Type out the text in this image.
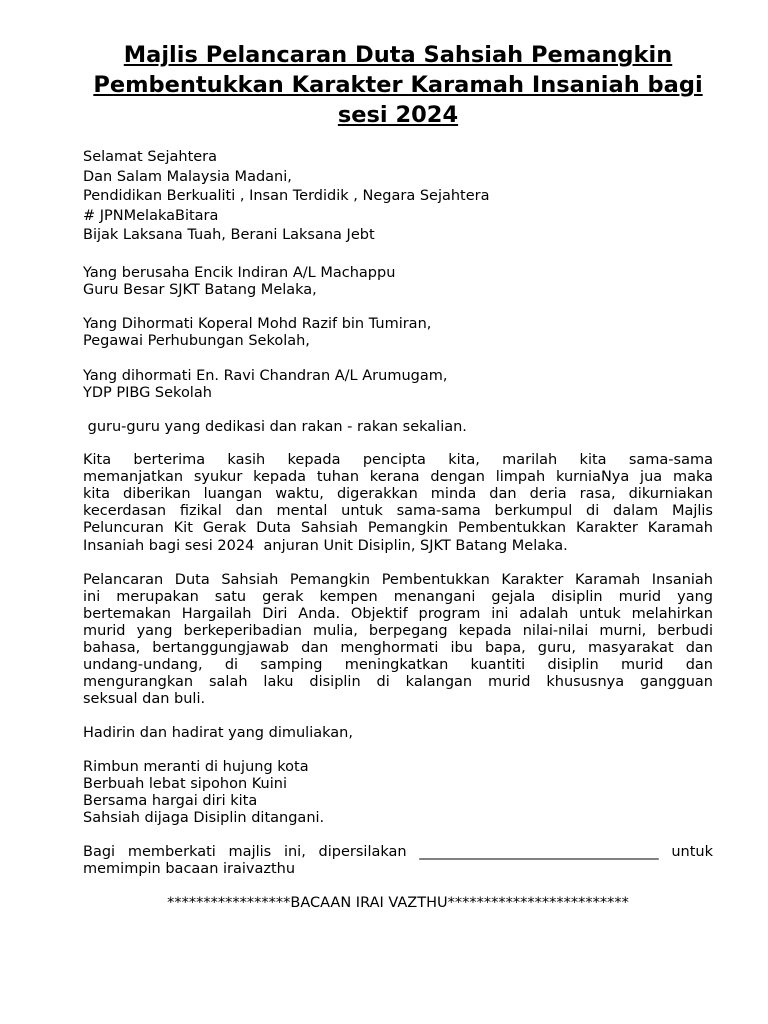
Majlis Pelancaran Duta Sahsiah Pemangkin
Pembentukkan Karakter Karamah Insaniah bagi
sesi 2024
Selamat Sejahtera
Dan Salam Malaysia Madani,
Pendidikan Berkualiti , Insan Terdidik , Negara Sejahtera
# JPNMelakaBitara
Bijak Laksana Tuah, Berani Laksana Jebt
Yang berusaha Encik Indiran A/L Machappu
Guru Besar SJKT Batang Melaka,
Yang Dihormati Koperal Mohd Razif bin Tumiran,
Pegawai Perhubungan Sekolah,
Yang dihormati En. Ravi Chandran A/L Arumugam,
YDP PIBG Sekolah
guru-guru yang dedikasi dan rakan - rakan sekalian.
Kita berterima kasih kepada pencipta kita, marilah kita sama-sama
memanjatkan syukur kepada tuhan kerana dengan limpah kurniaNya jua maka
kita diberikan luangan waktu, digerakkan minda dan deria rasa, dikurniakan
kecerdasan fizikal dan mental untuk sama-sama berkumpul di dalam Majlis
Peluncuran Kit Gerak Duta Sahsiah Pemangkin Pembentukkan Karakter Karamah
Insaniah bagi sesi 2024  anjuran Unit Disiplin, SJKT Batang Melaka.
Pelancaran Duta Sahsiah Pemangkin Pembentukkan Karakter Karamah Insaniah
ini merupakan satu gerak kempen menangani gejala disiplin murid yang
bertemakan Hargailah Diri Anda. Objektif program ini adalah untuk melahirkan
murid yang berkeperibadian mulia, berpegang kepada nilai-nilai murni, berbudi
bahasa, bertanggungjawab dan menghormati ibu bapa, guru, masyarakat dan
undang-undang, di samping meningkatkan kuantiti disiplin murid dan
mengurangkan salah laku disiplin di kalangan murid khususnya gangguan
seksual dan buli.
Hadirin dan hadirat yang dimuliakan,
Rimbun meranti di hujung kota
Berbuah lebat sipohon Kuini
Bersama hargai diri kita
Sahsiah dijaga Disiplin ditangani.
Bagi memberkati majlis ini, dipersilakan _________________________________ untuk
memimpin bacaan iraivazthu
*****************BACAAN IRAI VAZTHU*************************
